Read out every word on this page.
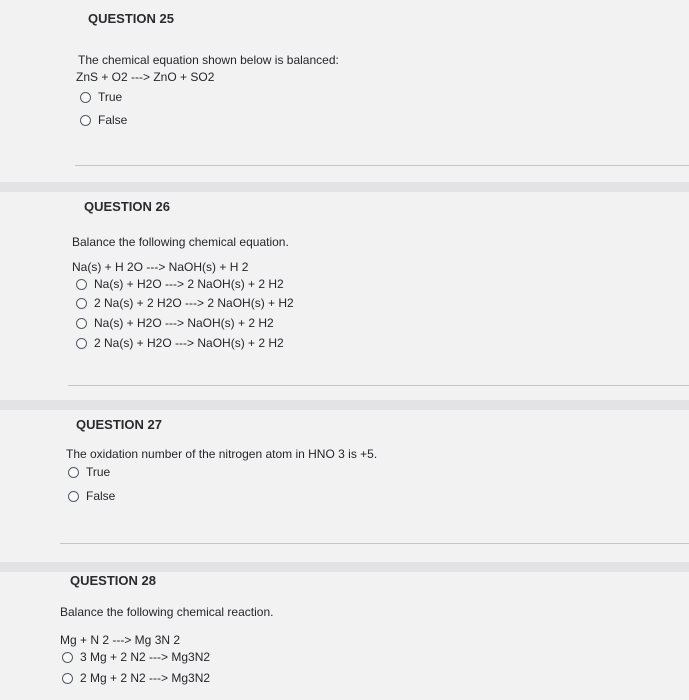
QUESTION 25
The chemical equation shown below is balanced:
ZnS + O2 ---> ZnO + SO2
True
False
QUESTION 26
Balance the following chemical equation.
Na(s) + H 2O ---> NaOH(s) + H 2
Na(s) + H2O ---> 2 NaOH(s) + 2 H2
2 Na(s) + 2 H2O ---> 2 NaOH(s) + H2
Na(s) + H2O ---> NaOH(s) + 2 H2
2 Na(s) + H2O ---> NaOH(s) + 2 H2
QUESTION 27
The oxidation number of the nitrogen atom in HNO 3 is +5.
True
False
QUESTION 28
Balance the following chemical reaction.
Mg + N 2 ---> Mg 3N 2
3 Mg + 2 N2 ---> Mg3N2
2 Mg + 2 N2 ---> Mg3N2
